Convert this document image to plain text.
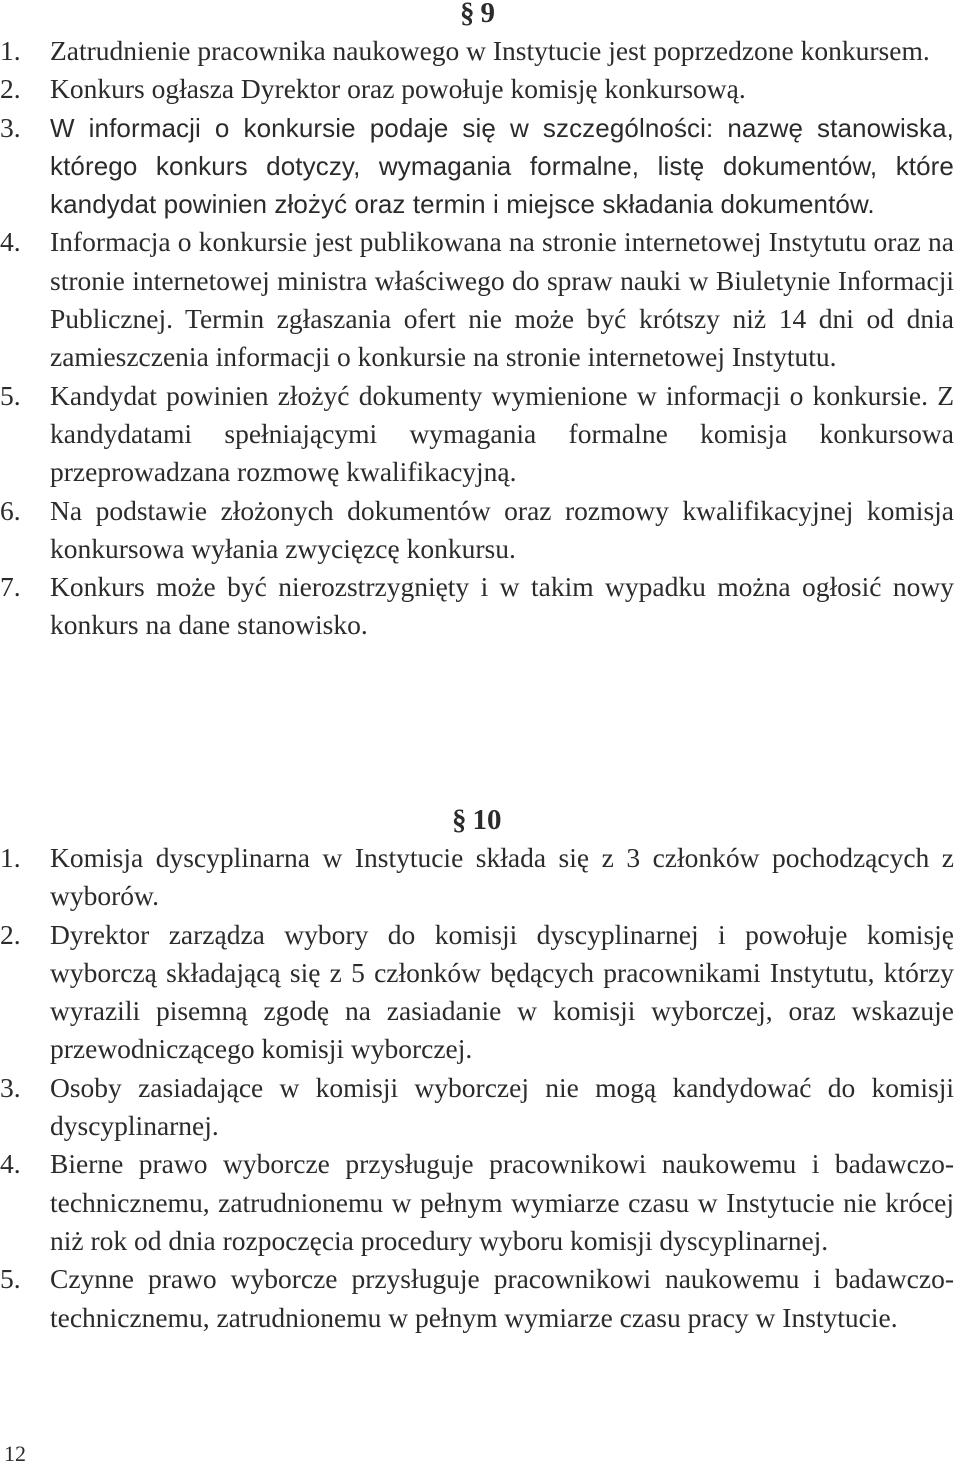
§ 9
1. Zatrudnienie pracownika naukowego w Instytucie jest poprzedzone konkursem.
2. Konkurs ogłasza Dyrektor oraz powołuje komisję konkursową.
3. W informacji o konkursie podaje się w szczególności: nazwę stanowiska, którego konkurs dotyczy, wymagania formalne, listę dokumentów, które kandydat powinien złożyć oraz termin i miejsce składania dokumentów.
4. Informacja o konkursie jest publikowana na stronie internetowej Instytutu oraz na stronie internetowej ministra właściwego do spraw nauki w Biuletynie Informacji Publicznej. Termin zgłaszania ofert nie może być krótszy niż 14 dni od dnia zamieszczenia informacji o konkursie na stronie internetowej Instytutu.
5. Kandydat powinien złożyć dokumenty wymienione w informacji o konkursie. Z kandydatami spełniającymi wymagania formalne komisja konkursowa przeprowadzana rozmowę kwalifikacyjną.
6. Na podstawie złożonych dokumentów oraz rozmowy kwalifikacyjnej komisja konkursowa wyłania zwycięzcę konkursu.
7. Konkurs może być nierozstrzygnięty i w takim wypadku można ogłosić nowy konkurs na dane stanowisko.
§ 10
1. Komisja dyscyplinarna w Instytucie składa się z 3 członków pochodzących z wyborów.
2. Dyrektor zarządza wybory do komisji dyscyplinarnej i powołuje komisję wyborczą składającą się z 5 członków będących pracownikami Instytutu, którzy wyrazili pisemną zgodę na zasiadanie w komisji wyborczej, oraz wskazuje przewodniczącego komisji wyborczej.
3. Osoby zasiadające w komisji wyborczej nie mogą kandydować do komisji dyscyplinarnej.
4. Bierne prawo wyborcze przysługuje pracownikowi naukowemu i badawczo-technicznemu, zatrudnionemu w pełnym wymiarze czasu w Instytucie nie krócej niż rok od dnia rozpoczęcia procedury wyboru komisji dyscyplinarnej.
5. Czynne prawo wyborcze przysługuje pracownikowi naukowemu i badawczo-technicznemu, zatrudnionemu w pełnym wymiarze czasu pracy w Instytucie.
12
